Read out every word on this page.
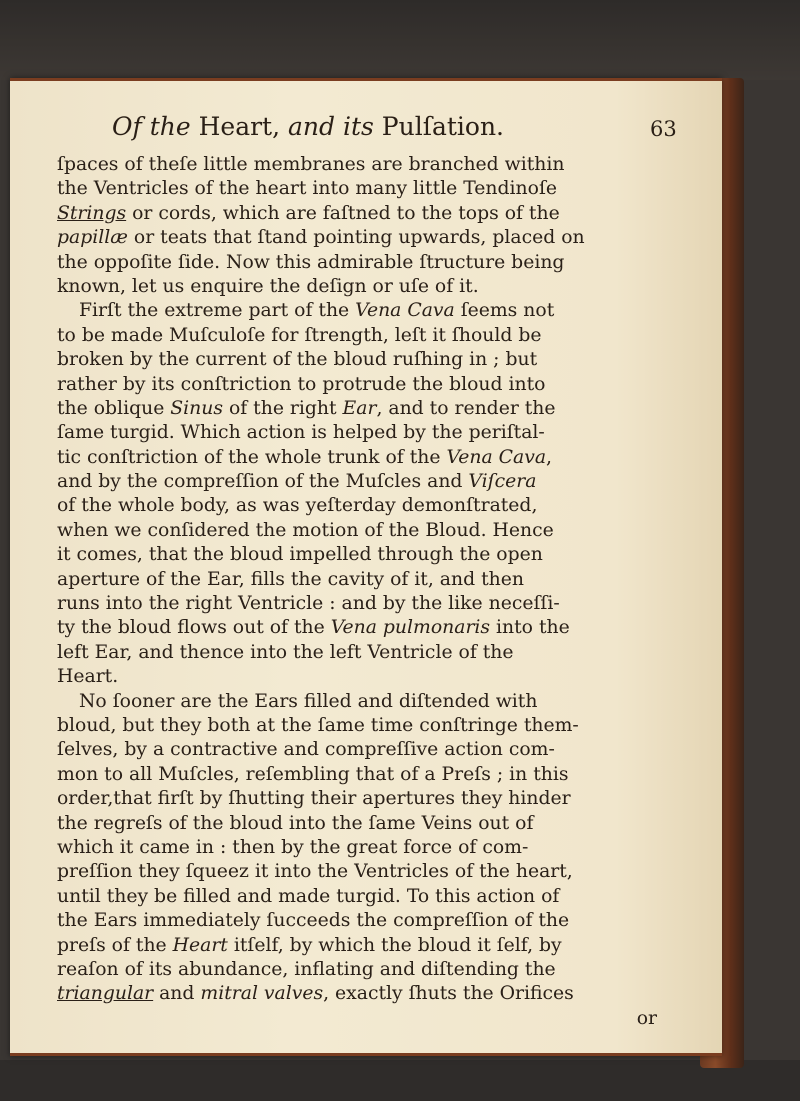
Of the Heart, and its Pulſation.	63
ſpaces of theſe little membranes are branched within
the Ventricles of the heart into many little Tendinoſe
Strings or cords, which are faſtned to the tops of the
papillæ or teats that ſtand pointing upwards, placed on
the oppoſite ſide. Now this admirable ſtructure being
known, let us enquire the deſign or uſe of it.
Firſt the extreme part of the Vena Cava ſeems not
to be made Muſculoſe for ſtrength, leſt it ſhould be
broken by the current of the bloud ruſhing in ; but
rather by its conſtriction to protrude the bloud into
the oblique Sinus of the right Ear, and to render the
ſame turgid. Which action is helped by the periſtal-
tic conſtriction of the whole trunk of the Vena Cava,
and by the compreſſion of the Muſcles and Viſcera
of the whole body, as was yeſterday demonſtrated,
when we conſidered the motion of the Bloud. Hence
it comes, that the bloud impelled through the open
aperture of the Ear, fills the cavity of it, and then
runs into the right Ventricle : and by the like neceſſi-
ty the bloud flows out of the Vena pulmonaris into the
left Ear, and thence into the left Ventricle of the
Heart.
No ſooner are the Ears filled and diſtended with
bloud, but they both at the ſame time conſtringe them-
ſelves, by a contractive and compreſſive action com-
mon to all Muſcles, reſembling that of a Preſs ; in this
order,that firſt by ſhutting their apertures they hinder
the regreſs of the bloud into the ſame Veins out of
which it came in : then by the great force of com-
preſſion they ſqueez it into the Ventricles of the heart,
until they be filled and made turgid. To this action of
the Ears immediately ſucceeds the compreſſion of the
preſs of the Heart itſelf, by which the bloud it ſelf, by
reaſon of its abundance, inflating and diſtending the
triangular and mitral valves, exactly ſhuts the Orifices
or
